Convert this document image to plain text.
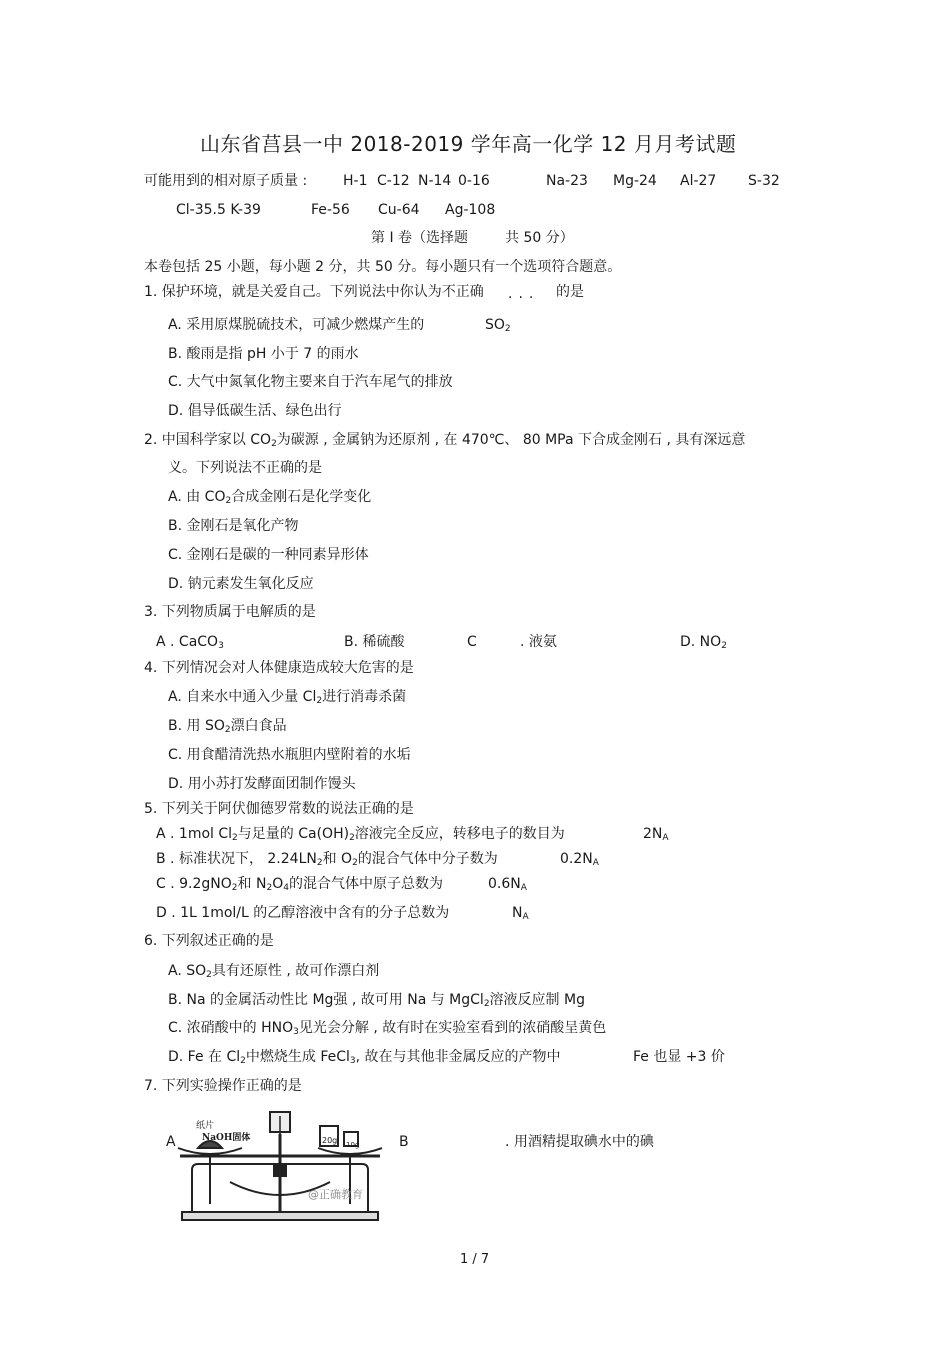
山东省莒县一中 2018-2019 学年高一化学 12 月月考试题
可能用到的相对原子质量 :	H-1 C-12 N-14 0-16	Na-23 Mg-24 Al-27 S-32
Cl-35.5 K-39	Fe-56 Cu-64 Ag-108
第 I 卷（选择题	共 50 分）
本卷包括 25 小题，每小题 2 分，共 50 分。每小题只有一个选项符合题意。
1. 保护环境，就是关爱自己。下列说法中你认为不正确 ... 的是
A. 采用原煤脱硫技术，可减少燃煤产生的	$SO_2$
B. 酸雨是指 pH 小于 7 的雨水
C. 大气中氮氧化物主要来自于汽车尾气的排放
D. 倡导低碳生活、绿色出行
2. 中国科学家以 $CO_2$为碳源 , 金属钠为还原剂 , 在 470℃、 80 MPa 下合成金刚石 , 具有深远意
义。下列说法不正确的是
A. 由 $CO_2$合成金刚石是化学变化
B. 金刚石是氧化产物
C. 金刚石是碳的一种同素异形体
D. 钠元素发生氧化反应
3. 下列物质属于电解质的是
A . CaCO$_3$	B. 稀硫酸	C	. 液氨	D. $NO_2$
4. 下列情况会对人体健康造成较大危害的是
A. 自来水中通入少量 $Cl_2$进行消毒杀菌
B. 用 $SO_2$漂白食品
C. 用食醋清洗热水瓶胆内壁附着的水垢
D. 用小苏打发酵面团制作馒头
5. 下列关于阿伏伽德罗常数的说法正确的是
A . 1mol $Cl_2$与足量的 $Ca(OH)_2$溶液完全反应，转移电子的数目为	$2N_A$
B . 标准状况下， $2.24LN_2$和 $O_2$的混合气体中分子数为	$0.2N_A$
C . 9.2gNO$_2$和 $N_2O_4$的混合气体中原子总数为	$0.6N_A$
D . 1L 1mol/L 的乙醇溶液中含有的分子总数为	$N_A$
6. 下列叙述正确的是
A. $SO_2$具有还原性 , 故可作漂白剂
B. Na 的金属活动性比 Mg强 , 故可用 Na 与 MgCl$_2$溶液反应制 Mg
C. 浓硝酸中的 $HNO_3$见光会分解 , 故有时在实验室看到的浓硝酸呈黄色
D. Fe 在 $Cl_2$中燃烧生成 FeCl$_3$, 故在与其他非金属反应的产物中	Fe 也显 +3 价
7. 下列实验操作正确的是
A	B	. 用酒精提取碘水中的碘
纸片
NaOH固体	20g 10g
@正确教育
1 / 7
